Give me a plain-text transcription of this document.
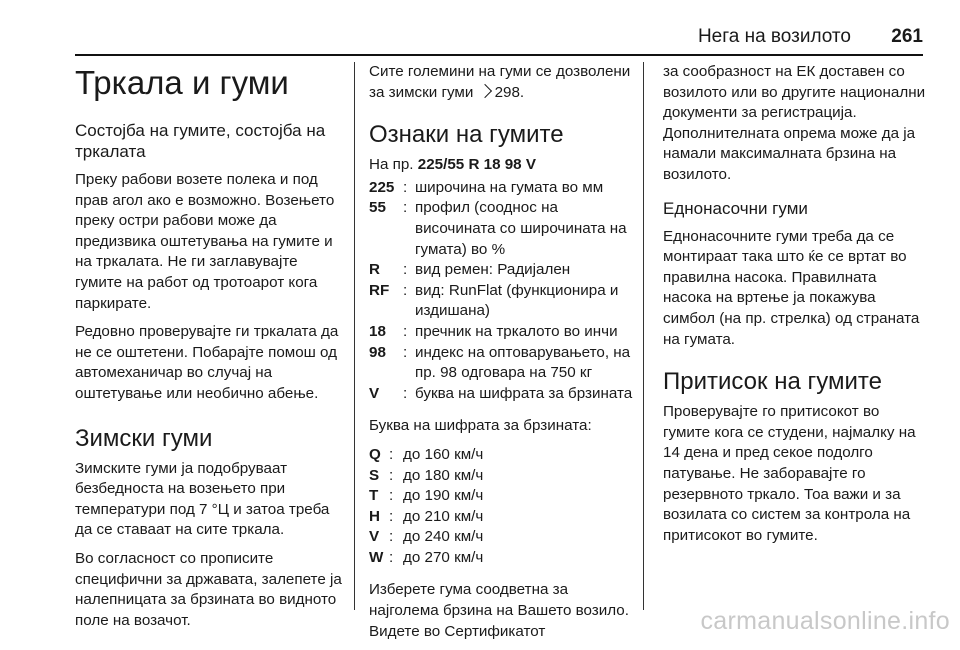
Нега на возилото 261
Тркала и гуми
Состојба на гумите, состојба на тркалата

Преку рабови возете полека и под прав агол ако е возможно. Возењето преку остри рабови може да предизвика оштетувања на гумите и на тркалата. Не ги заглавувајте гумите на работ од тротоарот кога паркирате.

Редовно проверувајте ги тркалата да не се оштетени. Побарајте помош од автомеханичар во случај на оштетување или необично абење.

Зимски гуми

Зимските гуми ја подобруваат безбедноста на возењето при температури под 7 °Ц и затоа треба да се ставаат на сите тркала.

Во согласност со прописите специфични за државата, залепете ја налепницата за брзината во видното поле на возачот.

Сите големини на гуми се дозволени за зимски гуми 298.

Ознаки на гумите

На пр. 225/55 R 18 98 V

225 : широчина на гумата во мм
55	: профил (сооднос на височината со широчината на гумата) во %
R	: вид ремен: Радијален
RF : вид: RunFlat (функционира и издишана)
18	: пречник на тркалото во инчи
98	: индекс на оптоварувањето, на пр. 98 одговара на 750 кг
V	: буква на шифрата за брзината

Буква на шифрата за брзината:

Q : до 160 км/ч
S : до 180 км/ч
T : до 190 км/ч
H : до 210 км/ч
V : до 240 км/ч
W : до 270 км/ч

Изберете гума соодветна за најголема брзина на Вашето возило. Видете во Сертификатот

за сообразност на ЕК доставен со возилото или во другите национални документи за регистрација. Дополнителната опрема може да ја намали максималната брзина на возилото.

Еднонасочни гуми

Еднонасочните гуми треба да се монтираат така што ќе се вртат во правилна насока. Правилната насока на вртење ја покажува симбол (на пр. стрелка) од страната на гумата.

Притисок на гумите

Проверувајте го притисокот во гумите кога се студени, најмалку на 14 дена и пред секое подолго патување. Не заборавајте го резервното тркало. Тоа важи и за возилата со систем за контрола на притисокот во гумите.

carmanualsonline.info
